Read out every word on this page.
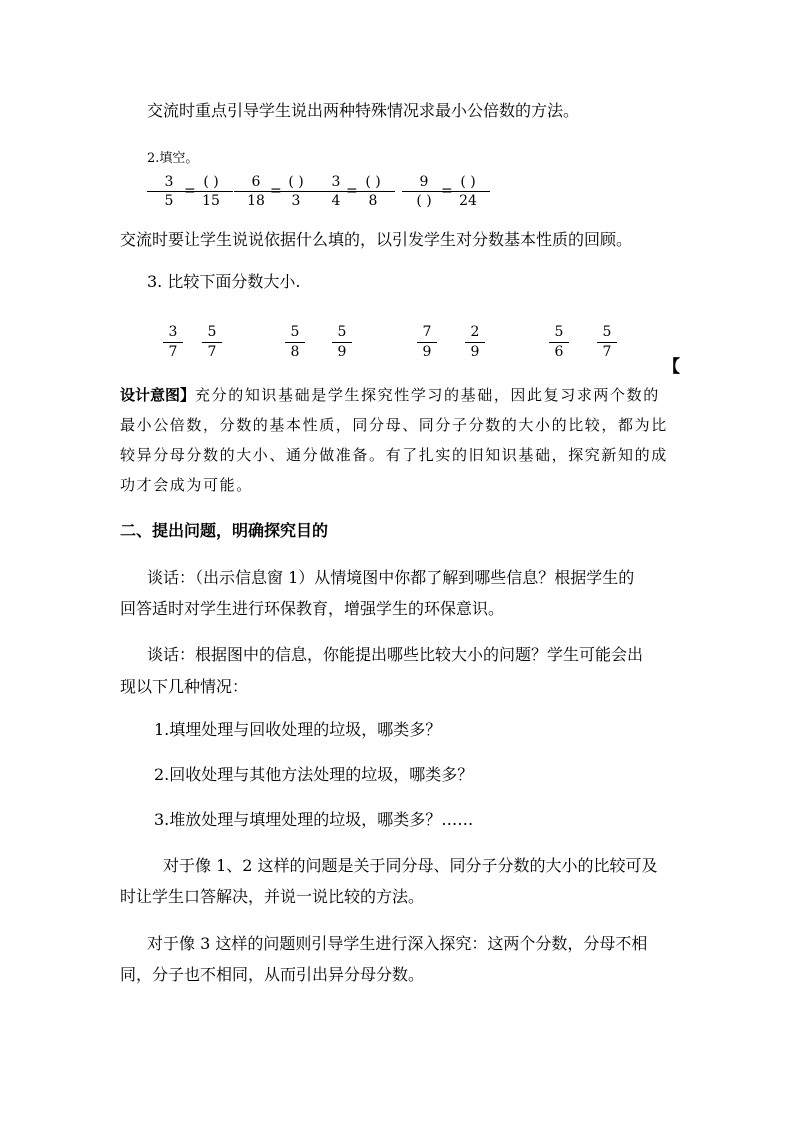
交流时重点引导学生说出两种特殊情况求最小公倍数的方法。
2.填空。
3
5
=
( )
15
6
18
=
( )
3
3
4
=
( )
8
9
( )
=
( )
24
交流时要让学生说说依据什么填的，以引发学生对分数基本性质的回顾。
3. 比较下面分数大小.
3
7
5
7
5
8
5
9
7
9
2
9
5
6
5
7
【
设计意图】充分的知识基础是学生探究性学习的基础，因此复习求两个数的
最小公倍数，分数的基本性质，同分母、同分子分数的大小的比较，都为比
较异分母分数的大小、通分做准备。有了扎实的旧知识基础，探究新知的成
功才会成为可能。
二、提出问题，明确探究目的
谈话：（出示信息窗 1）从情境图中你都了解到哪些信息？根据学生的
回答适时对学生进行环保教育，增强学生的环保意识。
谈话：根据图中的信息，你能提出哪些比较大小的问题？学生可能会出
现以下几种情况：
1.填埋处理与回收处理的垃圾，哪类多？
2.回收处理与其他方法处理的垃圾，哪类多？
3.堆放处理与填埋处理的垃圾，哪类多？……
对于像 1、2 这样的问题是关于同分母、同分子分数的大小的比较可及
时让学生口答解决，并说一说比较的方法。
对于像 3 这样的问题则引导学生进行深入探究：这两个分数，分母不相
同，分子也不相同，从而引出异分母分数。
